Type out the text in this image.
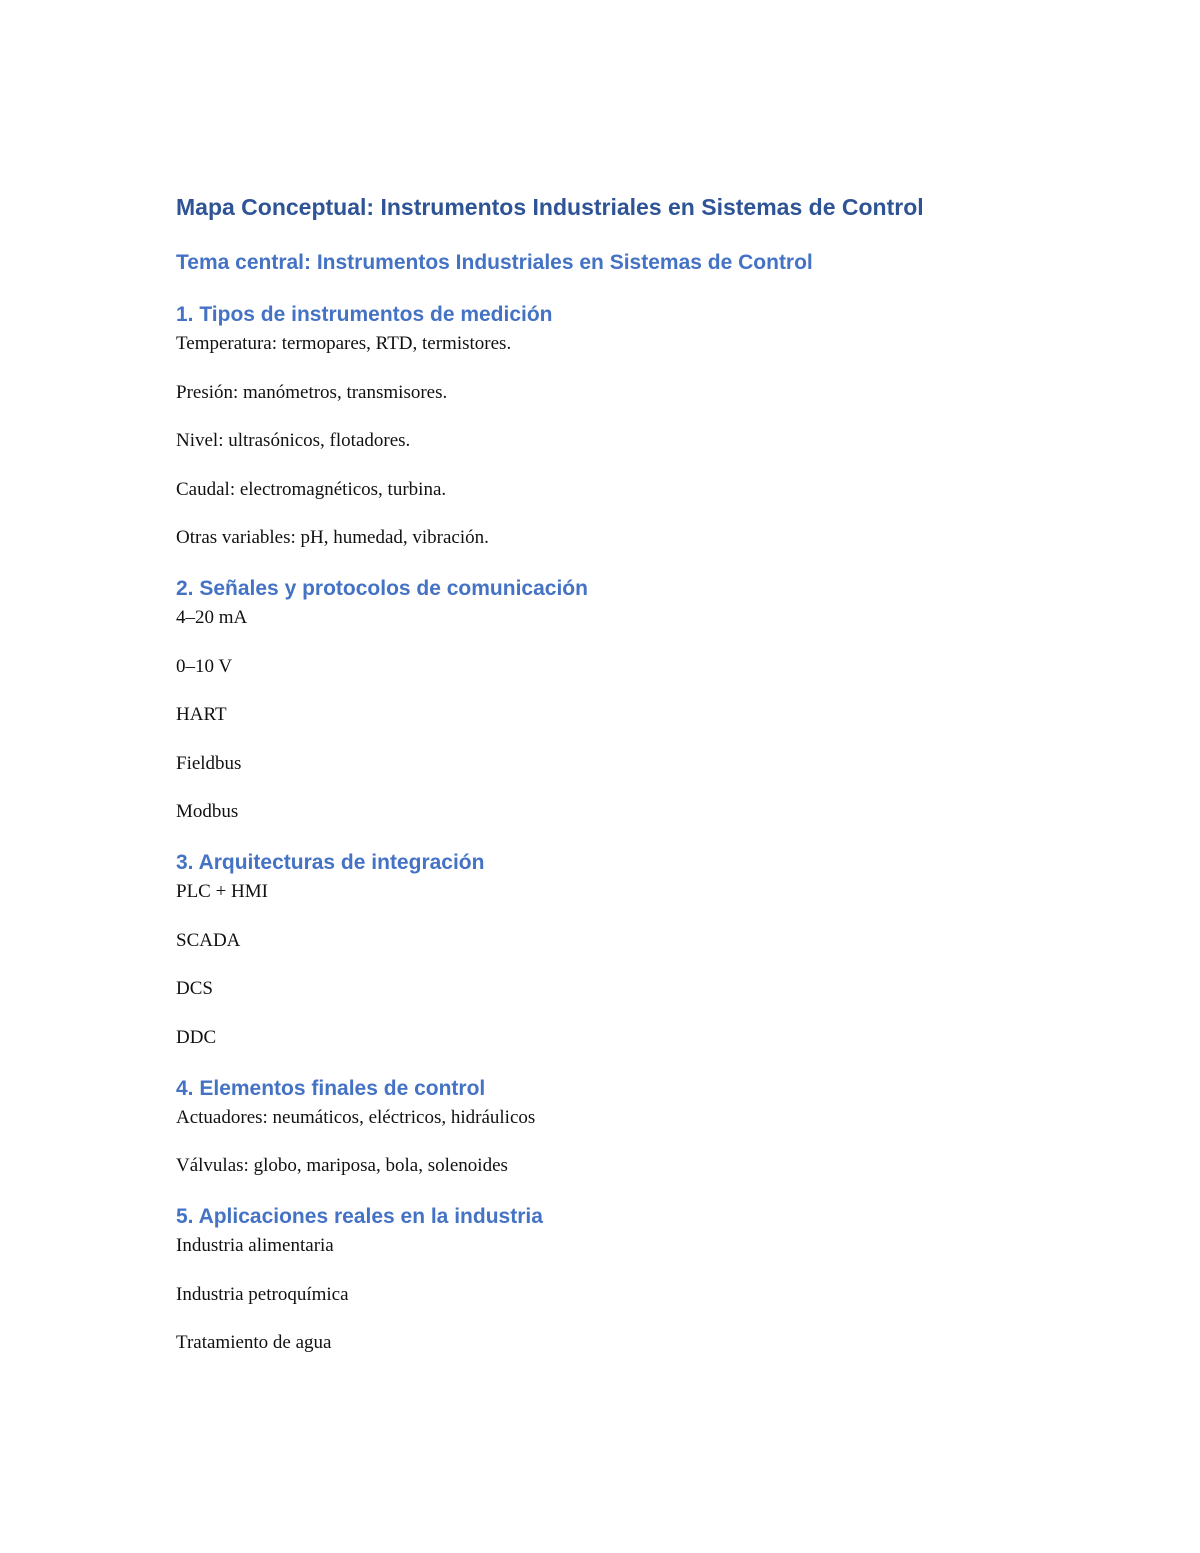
Mapa Conceptual: Instrumentos Industriales en Sistemas de Control
Tema central: Instrumentos Industriales en Sistemas de Control
1. Tipos de instrumentos de medición

Temperatura: termopares, RTD, termistores.

Presión: manómetros, transmisores.

Nivel: ultrasónicos, flotadores.

Caudal: electromagnéticos, turbina.

Otras variables: pH, humedad, vibración.

2. Señales y protocolos de comunicación

4–20 mA

0–10 V

HART

Fieldbus

Modbus

3. Arquitecturas de integración

PLC + HMI

SCADA

DCS

DDC

4. Elementos finales de control

Actuadores: neumáticos, eléctricos, hidráulicos

Válvulas: globo, mariposa, bola, solenoides

5. Aplicaciones reales en la industria

Industria alimentaria

Industria petroquímica

Tratamiento de agua
